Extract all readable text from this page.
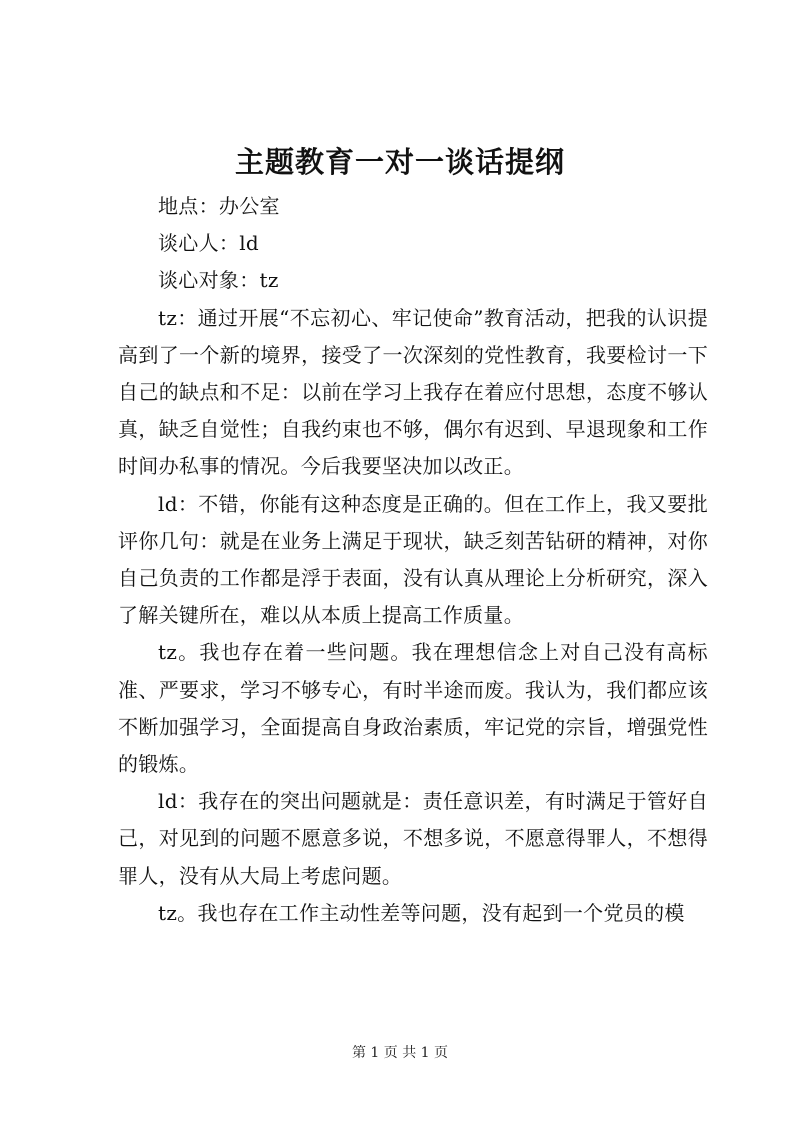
主题教育一对一谈话提纲

地点：办公室

谈心人：ld

谈心对象：tz

tz：通过开展“不忘初心、牢记使命”教育活动，把我的认识提高到了一个新的境界，接受了一次深刻的党性教育，我要检讨一下自己的缺点和不足：以前在学习上我存在着应付思想，态度不够认真，缺乏自觉性；自我约束也不够，偶尔有迟到、早退现象和工作时间办私事的情况。今后我要坚决加以改正。

ld：不错，你能有这种态度是正确的。但在工作上，我又要批评你几句：就是在业务上满足于现状，缺乏刻苦钻研的精神，对你自己负责的工作都是浮于表面，没有认真从理论上分析研究，深入了解关键所在，难以从本质上提高工作质量。

tz。我也存在着一些问题。我在理想信念上对自己没有高标准、严要求，学习不够专心，有时半途而废。我认为，我们都应该不断加强学习，全面提高自身政治素质，牢记党的宗旨，增强党性的锻炼。

ld：我存在的突出问题就是：责任意识差，有时满足于管好自己，对见到的问题不愿意多说，不想多说，不愿意得罪人，不想得罪人，没有从大局上考虑问题。

tz。我也存在工作主动性差等问题，没有起到一个党员的模

第 1 页 共 1 页
